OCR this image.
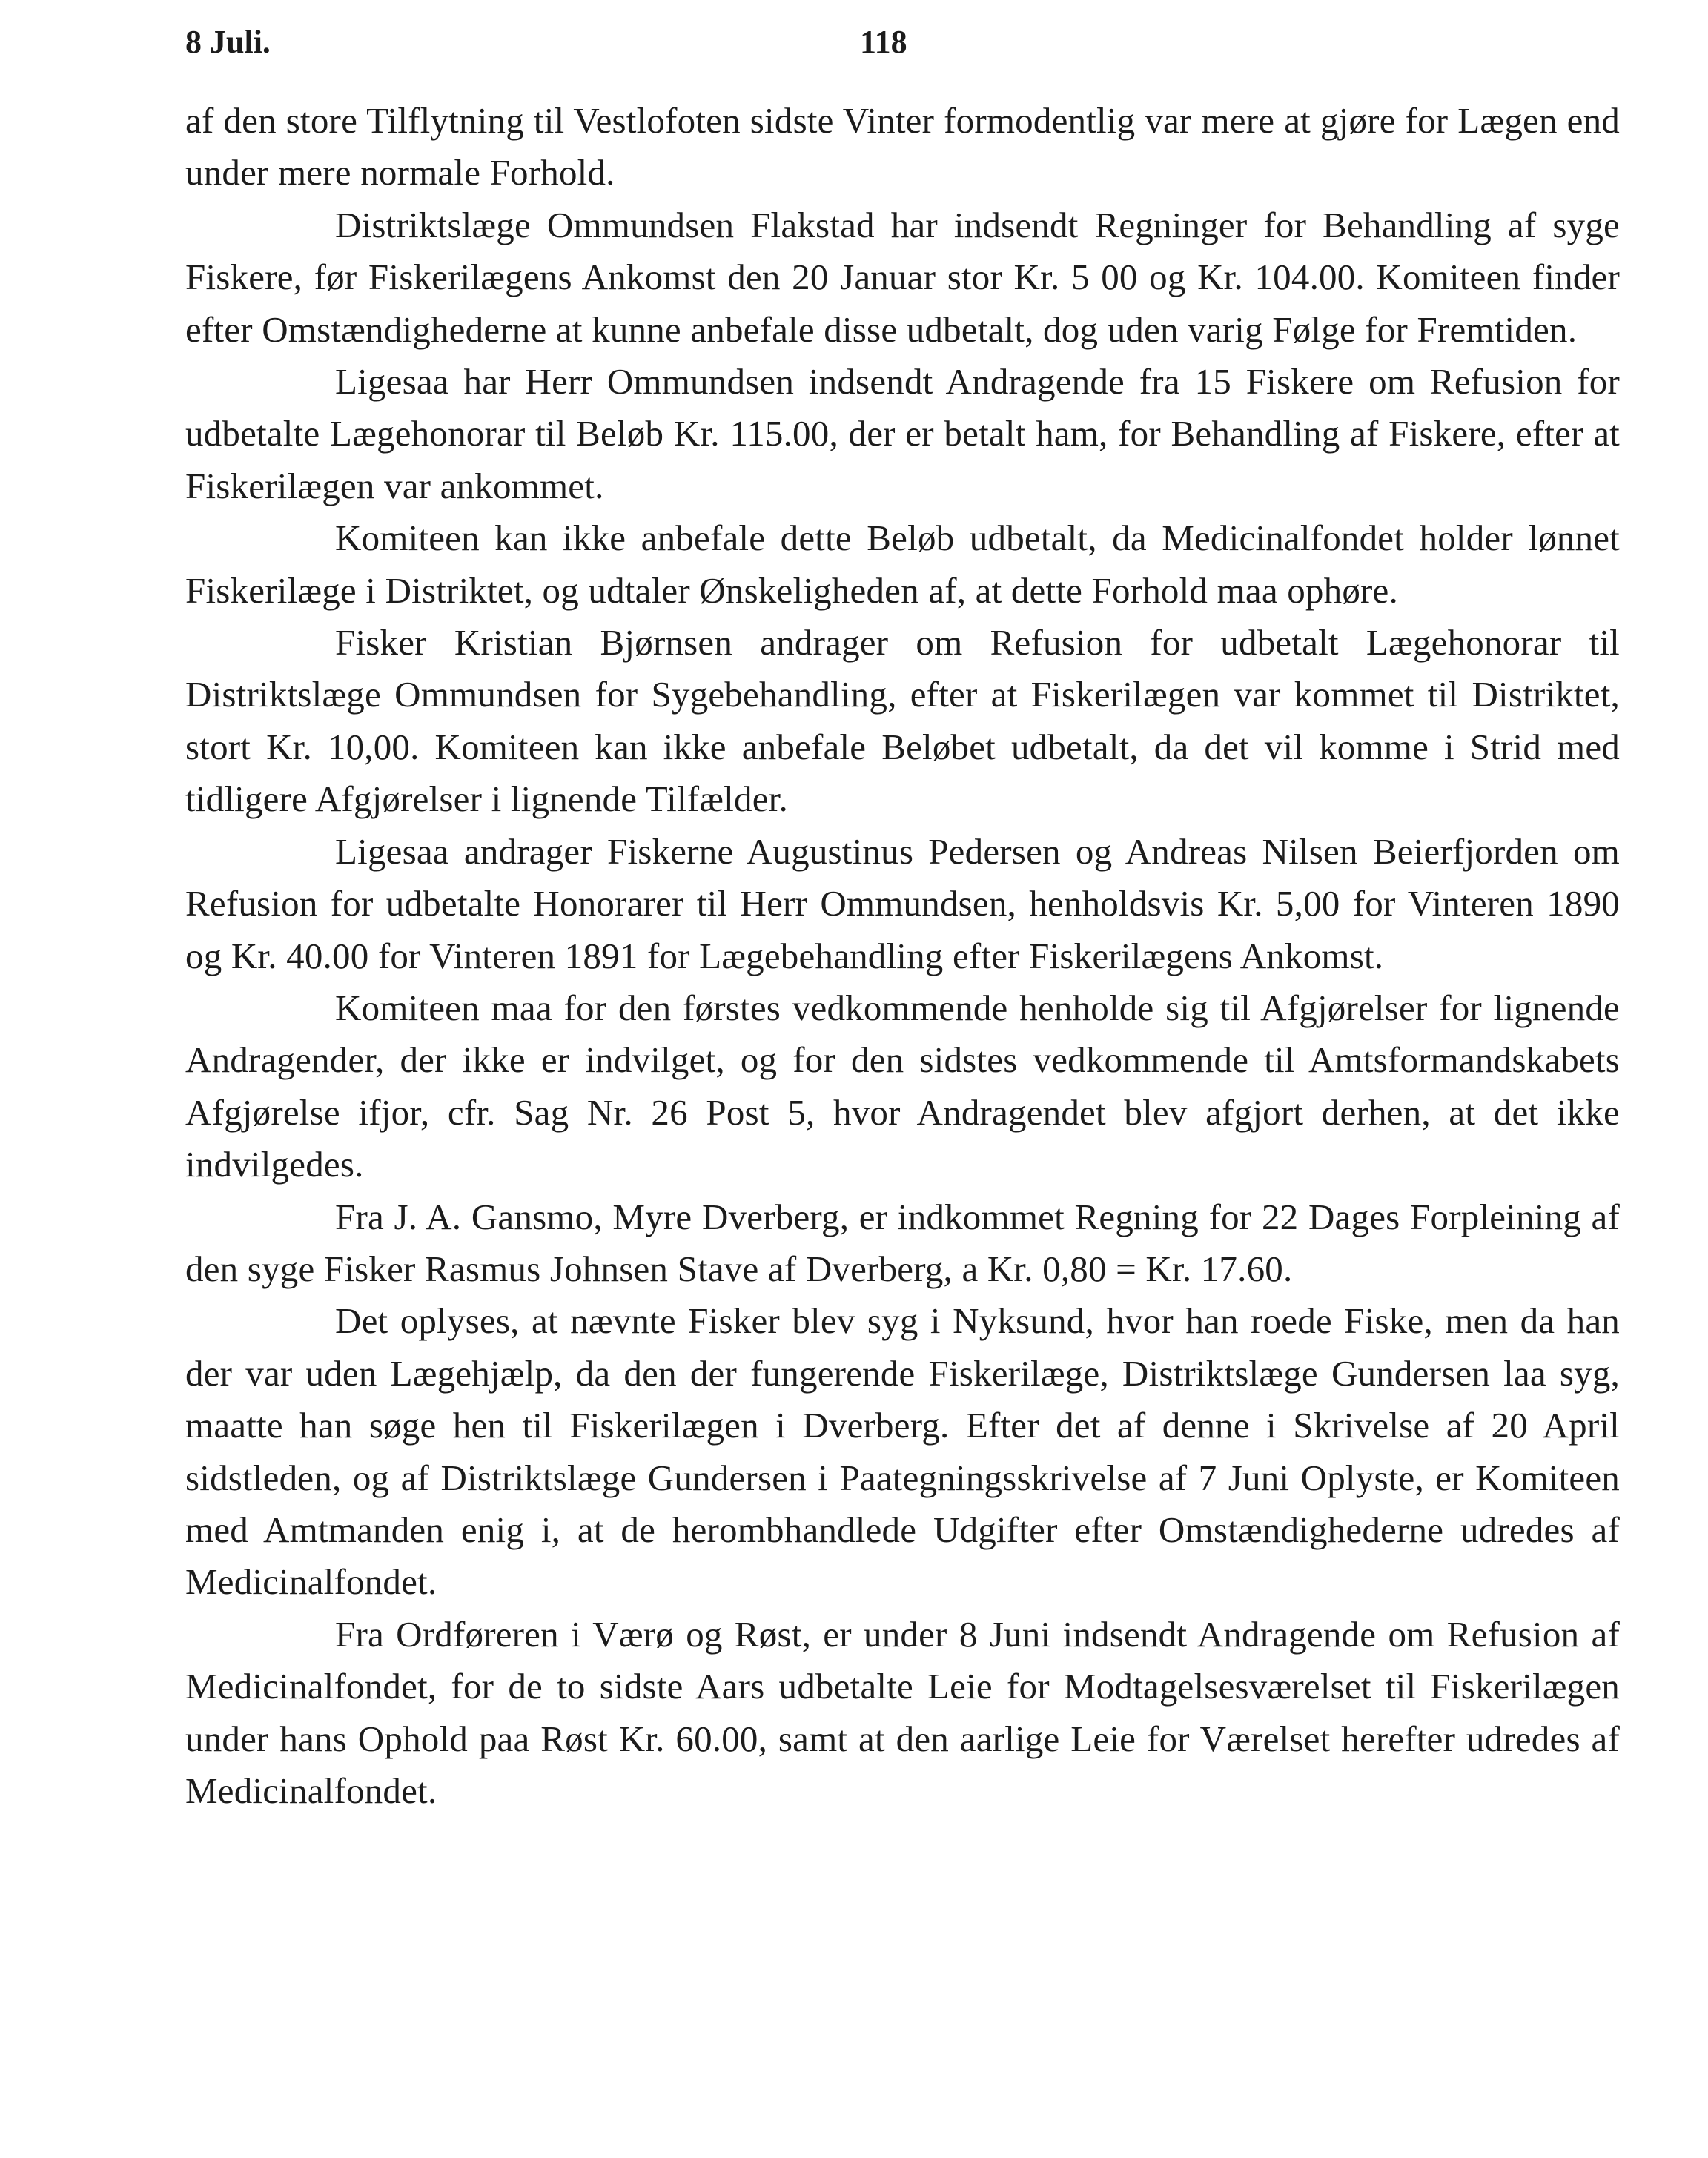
8 Juli.	118

af den store Tilflytning til Vestlofoten sidste Vinter formodentlig var mere at gjøre for Lægen end under mere normale Forhold.

Distriktslæge Ommundsen Flakstad har indsendt Regninger for Behandling af syge Fiskere, før Fiskerilægens Ankomst den 20 Januar stor Kr. 5 00 og Kr. 104.00. Komiteen finder efter Omstændighederne at kunne anbefale disse udbetalt, dog uden varig Følge for Fremtiden.

Ligesaa har Herr Ommundsen indsendt Andragende fra 15 Fiskere om Refusion for udbetalte Lægehonorar til Beløb Kr. 115.00, der er betalt ham, for Behandling af Fiskere, efter at Fiskerilægen var ankommet.

Komiteen kan ikke anbefale dette Beløb udbetalt, da Medicinalfondet holder lønnet Fiskerilæge i Distriktet, og udtaler Ønskeligheden af, at dette Forhold maa ophøre.

Fisker Kristian Bjørnsen andrager om Refusion for udbetalt Lægehonorar til Distriktslæge Ommundsen for Sygebehandling, efter at Fiskerilægen var kommet til Distriktet, stort Kr. 10,00. Komiteen kan ikke anbefale Beløbet udbetalt, da det vil komme i Strid med tidligere Afgjørelser i lignende Tilfælder.

Ligesaa andrager Fiskerne Augustinus Pedersen og Andreas Nilsen Beierfjorden om Refusion for udbetalte Honorarer til Herr Ommundsen, henholdsvis Kr. 5,00 for Vinteren 1890 og Kr. 40.00 for Vinteren 1891 for Lægebehandling efter Fiskerilægens Ankomst.

Komiteen maa for den førstes vedkommende henholde sig til Afgjørelser for lignende Andragender, der ikke er indvilget, og for den sidstes vedkommende til Amtsformandskabets Afgjørelse ifjor, cfr. Sag Nr. 26 Post 5, hvor Andragendet blev afgjort derhen, at det ikke indvilgedes.

Fra J. A. Gansmo, Myre Dverberg, er indkommet Regning for 22 Dages Forpleining af den syge Fisker Rasmus Johnsen Stave af Dverberg, a Kr. 0,80 = Kr. 17.60.

Det oplyses, at nævnte Fisker blev syg i Nyksund, hvor han roede Fiske, men da han der var uden Lægehjælp, da den der fungerende Fiskerilæge, Distriktslæge Gundersen laa syg, maatte han søge hen til Fiskerilægen i Dverberg. Efter det af denne i Skrivelse af 20 April sidstleden, og af Distriktslæge Gundersen i Paategningsskrivelse af 7 Juni Oplyste, er Komiteen med Amtmanden enig i, at de herombhandlede Udgifter efter Omstændighederne udredes af Medicinalfondet.

Fra Ordføreren i Værø og Røst, er under 8 Juni indsendt Andragende om Refusion af Medicinalfondet, for de to sidste Aars udbetalte Leie for Modtagelsesværelset til Fiskerilægen under hans Ophold paa Røst Kr. 60.00, samt at den aarlige Leie for Værelset herefter udredes af Medicinalfondet.
